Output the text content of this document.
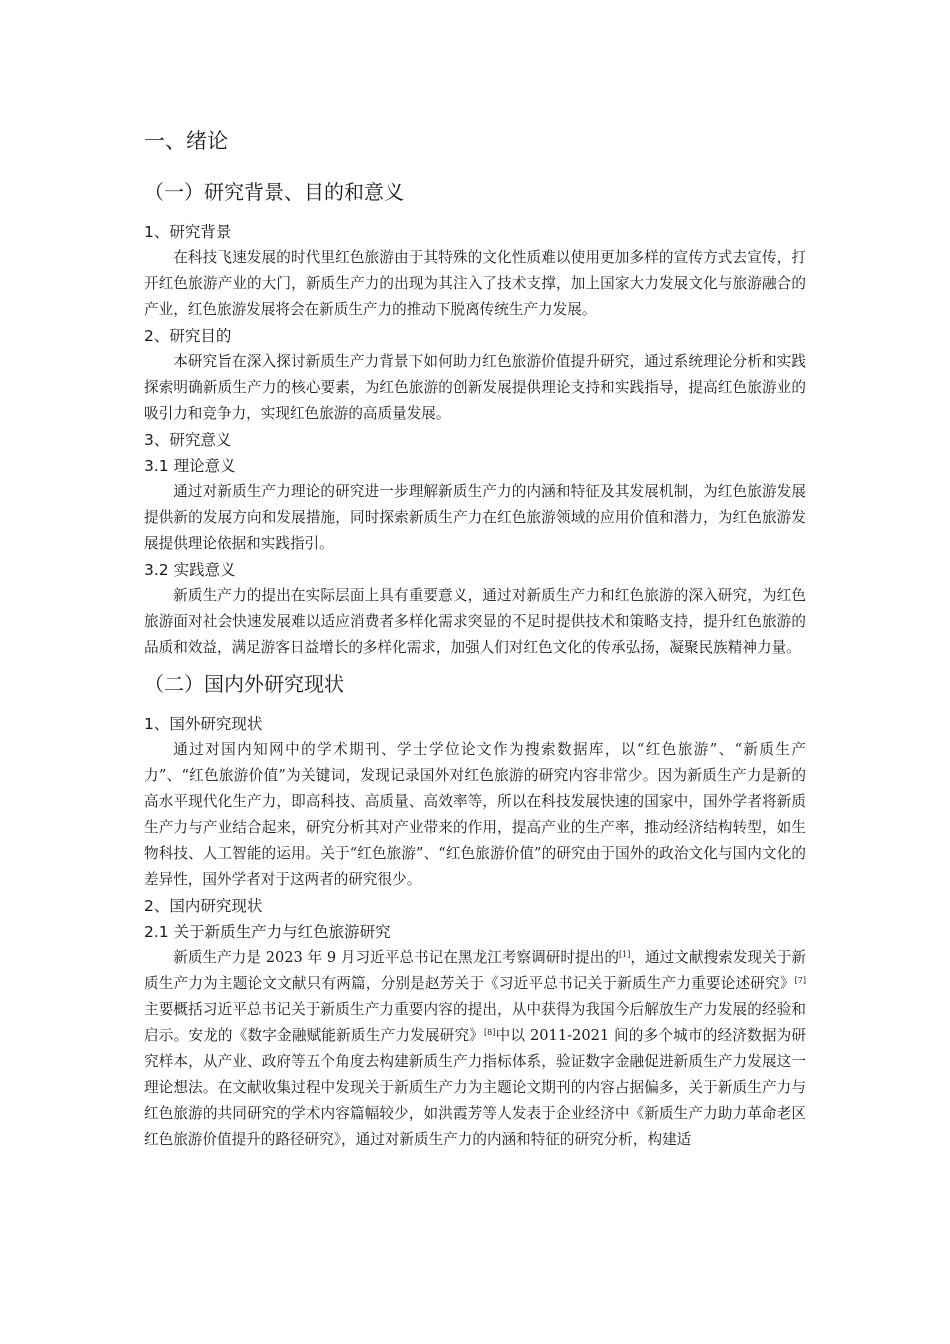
一、绪论
（一）研究背景、目的和意义
1、研究背景

在科技飞速发展的时代里红色旅游由于其特殊的文化性质难以使用更加多样的宣传方式去宣传，打开红色旅游产业的大门，新质生产力的出现为其注入了技术支撑，加上国家大力发展文化与旅游融合的产业，红色旅游发展将会在新质生产力的推动下脱离传统生产力发展。

2、研究目的

本研究旨在深入探讨新质生产力背景下如何助力红色旅游价值提升研究，通过系统理论分析和实践探索明确新质生产力的核心要素，为红色旅游的创新发展提供理论支持和实践指导，提高红色旅游业的吸引力和竞争力，实现红色旅游的高质量发展。

3、研究意义
3.1 理论意义

通过对新质生产力理论的研究进一步理解新质生产力的内涵和特征及其发展机制，为红色旅游发展提供新的发展方向和发展措施，同时探索新质生产力在红色旅游领域的应用价值和潜力，为红色旅游发展提供理论依据和实践指引。

3.2 实践意义

新质生产力的提出在实际层面上具有重要意义，通过对新质生产力和红色旅游的深入研究，为红色旅游面对社会快速发展难以适应消费者多样化需求突显的不足时提供技术和策略支持，提升红色旅游的品质和效益，满足游客日益增长的多样化需求，加强人们对红色文化的传承弘扬，凝聚民族精神力量。

（二）国内外研究现状
1、国外研究现状

通过对国内知网中的学术期刊、学士学位论文作为搜索数据库，以“红色旅游”、“新质生产力”、“红色旅游价值”为关键词，发现记录国外对红色旅游的研究内容非常少。因为新质生产力是新的高水平现代化生产力，即高科技、高质量、高效率等，所以在科技发展快速的国家中，国外学者将新质生产力与产业结合起来，研究分析其对产业带来的作用，提高产业的生产率，推动经济结构转型，如生物科技、人工智能的运用。关于“红色旅游”、“红色旅游价值”的研究由于国外的政治文化与国内文化的差异性，国外学者对于这两者的研究很少。

2、国内研究现状
2.1 关于新质生产力与红色旅游研究

新质生产力是 2023 年 9 月习近平总书记在黑龙江考察调研时提出的[1]，通过文献搜索发现关于新质生产力为主题论文文献只有两篇，分别是赵芳关于《习近平总书记关于新质生产力重要论述研究》[7]主要概括习近平总书记关于新质生产力重要内容的提出，从中获得为我国今后解放生产力发展的经验和启示。安龙的《数字金融赋能新质生产力发展研究》[8]中以 2011-2021 间的多个城市的经济数据为研究样本，从产业、政府等五个角度去构建新质生产力指标体系，验证数字金融促进新质生产力发展这一理论想法。在文献收集过程中发现关于新质生产力为主题论文期刊的内容占据偏多，关于新质生产力与红色旅游的共同研究的学术内容篇幅较少，如洪霞芳等人发表于企业经济中《新质生产力助力革命老区红色旅游价值提升的路径研究》，通过对新质生产力的内涵和特征的研究分析，构建适
